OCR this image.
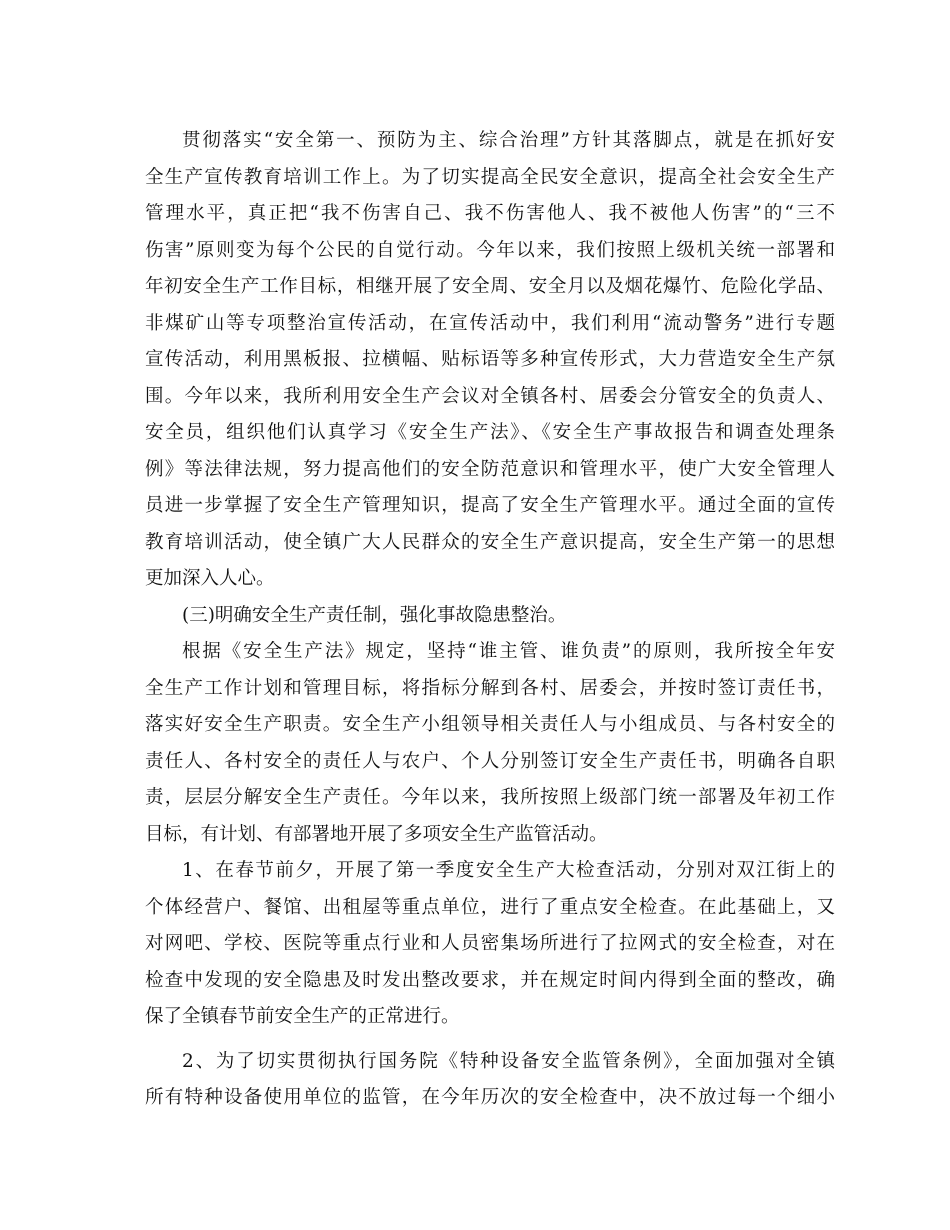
贯彻落实“安全第一、预防为主、综合治理”方针其落脚点，就是在抓好安
全生产宣传教育培训工作上。为了切实提高全民安全意识，提高全社会安全生产
管理水平，真正把“我不伤害自己、我不伤害他人、我不被他人伤害”的“三不
伤害”原则变为每个公民的自觉行动。今年以来，我们按照上级机关统一部署和
年初安全生产工作目标，相继开展了安全周、安全月以及烟花爆竹、危险化学品、
非煤矿山等专项整治宣传活动，在宣传活动中，我们利用“流动警务”进行专题
宣传活动，利用黑板报、拉横幅、贴标语等多种宣传形式，大力营造安全生产氛
围。今年以来，我所利用安全生产会议对全镇各村、居委会分管安全的负责人、
安全员，组织他们认真学习《安全生产法》、《安全生产事故报告和调查处理条
例》等法律法规，努力提高他们的安全防范意识和管理水平，使广大安全管理人
员进一步掌握了安全生产管理知识，提高了安全生产管理水平。通过全面的宣传
教育培训活动，使全镇广大人民群众的安全生产意识提高，安全生产第一的思想
更加深入人心。
(三)明确安全生产责任制，强化事故隐患整治。
根据《安全生产法》规定，坚持“谁主管、谁负责”的原则，我所按全年安
全生产工作计划和管理目标，将指标分解到各村、居委会，并按时签订责任书，
落实好安全生产职责。安全生产小组领导相关责任人与小组成员、与各村安全的
责任人、各村安全的责任人与农户、个人分别签订安全生产责任书，明确各自职
责，层层分解安全生产责任。今年以来，我所按照上级部门统一部署及年初工作
目标，有计划、有部署地开展了多项安全生产监管活动。
1、在春节前夕，开展了第一季度安全生产大检查活动，分别对双江街上的
个体经营户、餐馆、出租屋等重点单位，进行了重点安全检查。在此基础上，又
对网吧、学校、医院等重点行业和人员密集场所进行了拉网式的安全检查，对在
检查中发现的安全隐患及时发出整改要求，并在规定时间内得到全面的整改，确
保了全镇春节前安全生产的正常进行。
2、为了切实贯彻执行国务院《特种设备安全监管条例》，全面加强对全镇
所有特种设备使用单位的监管，在今年历次的安全检查中，决不放过每一个细小
